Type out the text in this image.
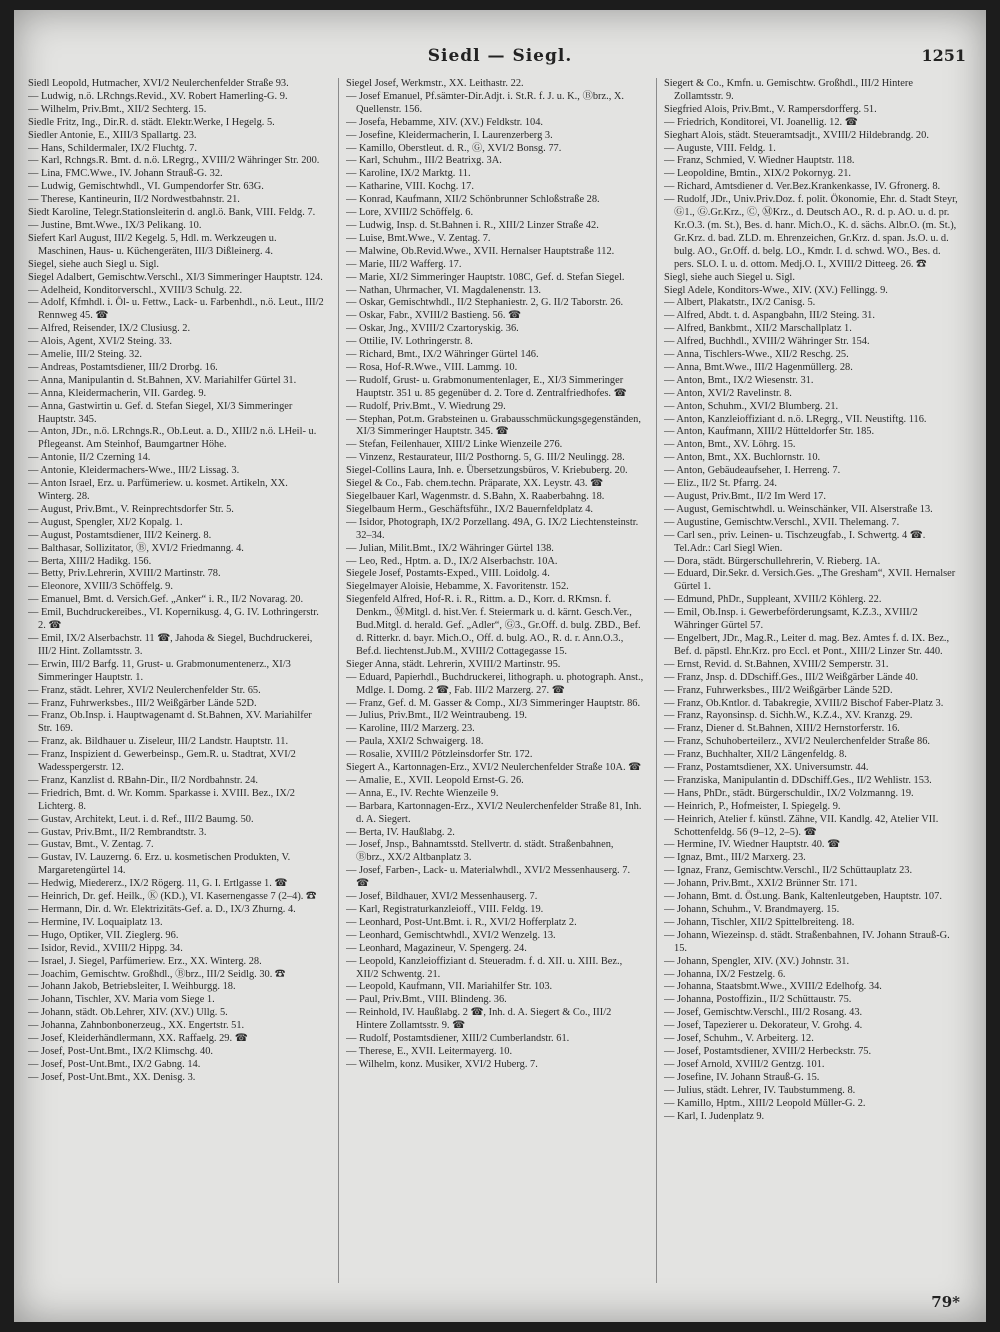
Siedl — Siegl.	1251

Siedl Leopold, Hutmacher, XVI/2 Neulerchenfelder Straße 93.

— Ludwig, n.ö. LRchngs.Revid., XV. Robert Hamerling-G. 9.

— Wilhelm, Priv.Bmt., XII/2 Sechterg. 15.

Siedle Fritz, Ing., Dir.R. d. städt. Elektr.Werke, I Hegelg. 5.

Siedler Antonie, E., XIII/3 Spallartg. 23.

— Hans, Schildermaler, IX/2 Fluchtg. 7.

— Karl, Rchngs.R. Bmt. d. n.ö. LRegrg., XVIII/2 Währinger Str. 200.

— Lina, FMC.Wwe., IV. Johann Strauß-G. 32.

— Ludwig, Gemischtwhdl., VI. Gumpendorfer Str. 63G.

— Therese, Kantineurin, II/2 Nordwestbahnstr. 21.

Siedt Karoline, Telegr.Stationsleiterin d. angl.ö. Bank, VIII. Feldg. 7.

— Justine, Bmt.Wwe., IX/3 Pelikang. 10.

Siefert Karl August, III/2 Kegelg. 5, Hdl. m. Werkzeugen u. Maschinen, Haus- u. Küchengeräten, III/3 Dißleinerg. 4.

Siegel, siehe auch Siegl u. Sigl.

Siegel Adalbert, Gemischtw.Verschl., XI/3 Simmeringer Hauptstr. 124.

— Adelheid, Konditorverschl., XVIII/3 Schulg. 22.

— Adolf, Kfmhdl. i. Öl- u. Fettw., Lack- u. Farbenhdl., n.ö. Leut., III/2 Rennweg 45. ☎

— Alfred, Reisender, IX/2 Clusiusg. 2.

— Alois, Agent, XVI/2 Steing. 33.

— Amelie, III/2 Steing. 32.

— Andreas, Postamtsdiener, III/2 Drorbg. 16.

— Anna, Manipulantin d. St.Bahnen, XV. Mariahilfer Gürtel 31.

— Anna, Kleidermacherin, VII. Gardeg. 9.

— Anna, Gastwirtin u. Gef. d. Stefan Siegel, XI/3 Simmeringer Hauptstr. 345.

— Anton, JDr., n.ö. LRchngs.R., Ob.Leut. a. D., XIII/2 n.ö. LHeil- u. Pflegeanst. Am Steinhof, Baumgartner Höhe.

— Antonie, II/2 Czerning 14.

— Antonie, Kleidermachers-Wwe., III/2 Lissag. 3.

— Anton Israel, Erz. u. Parfümeriew. u. kosmet. Artikeln, XX. Winterg. 28.

— August, Priv.Bmt., V. Reinprechtsdorfer Str. 5.

— August, Spengler, XI/2 Kopalg. 1.

— August, Postamtsdiener, III/2 Keinerg. 8.

— Balthasar, Sollizitator, Ⓑ, XVI/2 Friedmanng. 4.

— Berta, XIII/2 Hadikg. 156.

— Betty, Priv.Lehrerin, XVIII/2 Martinstr. 78.

— Eleonore, XVIII/3 Schöffelg. 9.

— Emanuel, Bmt. d. Versich.Gef. „Anker“ i. R., II/2 Novarag. 20.

— Emil, Buchdruckereibes., VI. Kopernikusg. 4, G. IV. Lothringerstr. 2. ☎

— Emil, IX/2 Alserbachstr. 11 ☎, Jahoda & Siegel, Buchdruckerei, III/2 Hint. Zollamtsstr. 3.

— Erwin, III/2 Barfg. 11, Grust- u. Grabmonumentenerz., XI/3 Simmeringer Hauptstr. 1.

— Franz, städt. Lehrer, XVI/2 Neulerchenfelder Str. 65.

— Franz, Fuhrwerksbes., III/2 Weißgärber Lände 52D.

— Franz, Ob.Insp. i. Hauptwagenamt d. St.Bahnen, XV. Mariahilfer Str. 169.

— Franz, ak. Bildhauer u. Ziseleur, III/2 Landstr. Hauptstr. 11.

— Franz, Inspizient d. Gewerbeinsp., Gem.R. u. Stadtrat, XVI/2 Wadesspergerstr. 12.

— Franz, Kanzlist d. RBahn-Dir., II/2 Nordbahnstr. 24.

— Friedrich, Bmt. d. Wr. Komm. Sparkasse i. XVIII. Bez., IX/2 Lichterg. 8.

— Gustav, Architekt, Leut. i. d. Ref., III/2 Baumg. 50.

— Gustav, Priv.Bmt., II/2 Rembrandtstr. 3.

— Gustav, Bmt., V. Zentag. 7.

— Gustav, IV. Lauzerng. 6. Erz. u. kosmetischen Produkten, V. Margaretengürtel 14.

— Hedwig, Miedererz., IX/2 Rögerg. 11, G. I. Ertlgasse 1. ☎

— Heinrich, Dr. gef. Heilk., Ⓚ (KD.), VI. Kasernengasse 7 (2–4). ☎

— Hermann, Dir. d. Wr. Elektrizitäts-Gef. a. D., IX/3 Zhurng. 4.

— Hermine, IV. Loquaiplatz 13.

— Hugo, Optiker, VII. Zieglerg. 96.

— Isidor, Revid., XVIII/2 Hippg. 34.

— Israel, J. Siegel, Parfümeriew. Erz., XX. Winterg. 28.

— Joachim, Gemischtw. Großhdl., Ⓑbrz., III/2 Seidlg. 30. ☎

— Johann Jakob, Betriebsleiter, I. Weihburgg. 18.

— Johann, Tischler, XV. Maria vom Siege 1.

— Johann, städt. Ob.Lehrer, XIV. (XV.) Ullg. 5.

— Johanna, Zahnbonbonerzeug., XX. Engertstr. 51.

— Josef, Kleiderhändlermann, XX. Raffaelg. 29. ☎

— Josef, Post-Unt.Bmt., IX/2 Klimschg. 40.

— Josef, Post-Unt.Bmt., IX/2 Gabng. 14.

— Josef, Post-Unt.Bmt., XX. Denisg. 3.

Siegel Josef, Werkmstr., XX. Leithastr. 22.

— Josef Emanuel, Pf.sämter-Dir.Adjt. i. St.R. f. J. u. K., Ⓑbrz., X. Quellenstr. 156.

— Josefa, Hebamme, XIV. (XV.) Feldkstr. 104.

— Josefine, Kleidermacherin, I. Laurenzerberg 3.

— Kamillo, Oberstleut. d. R., Ⓖ, XVI/2 Bonsg. 77.

— Karl, Schuhm., III/2 Beatrixg. 3A.

— Karoline, IX/2 Marktg. 11.

— Katharine, VIII. Kochg. 17.

— Konrad, Kaufmann, XII/2 Schönbrunner Schloßstraße 28.

— Lore, XVIII/2 Schöffelg. 6.

— Ludwig, Insp. d. St.Bahnen i. R., XIII/2 Linzer Straße 42.

— Luise, Bmt.Wwe., V. Zentag. 7.

— Malwine, Ob.Revid.Wwe., XVII. Hernalser Hauptstraße 112.

— Marie, III/2 Wafferg. 17.

— Marie, XI/2 Simmeringer Hauptstr. 108C, Gef. d. Stefan Siegel.

— Nathan, Uhrmacher, VI. Magdalenenstr. 13.

— Oskar, Gemischtwhdl., II/2 Stephaniestr. 2, G. II/2 Taborstr. 26.

— Oskar, Fabr., XVIII/2 Bastieng. 56. ☎

— Oskar, Jng., XVIII/2 Czartoryskig. 36.

— Ottilie, IV. Lothringerstr. 8.

— Richard, Bmt., IX/2 Währinger Gürtel 146.

— Rosa, Hof-R.Wwe., VIII. Lammg. 10.

— Rudolf, Grust- u. Grabmonumentenlager, E., XI/3 Simmeringer Hauptstr. 351 u. 85 gegenüber d. 2. Tore d. Zentralfriedhofes. ☎

— Rudolf, Priv.Bmt., V. Wiedrung 29.

— Stephan, Pot.m. Grabsteinen u. Grabausschmückungsgegenständen, XI/3 Simmeringer Hauptstr. 345. ☎

— Stefan, Feilenhauer, XIII/2 Linke Wienzeile 276.

— Vinzenz, Restaurateur, III/2 Posthorng. 5, G. III/2 Neulingg. 28.

Siegel-Collins Laura, Inh. e. Übersetzungsbüros, V. Kriebuberg. 20.

Siegel & Co., Fab. chem.techn. Präparate, XX. Leystr. 43. ☎

Siegelbauer Karl, Wagenmstr. d. S.Bahn, X. Raaberbahng. 18.

Siegelbaum Herm., Geschäftsführ., IX/2 Bauernfeldplatz 4.

— Isidor, Photograph, IX/2 Porzellang. 49A, G. IX/2 Liechtensteinstr. 32–34.

— Julian, Milit.Bmt., IX/2 Währinger Gürtel 138.

— Leo, Red., Hptm. a. D., IX/2 Alserbachstr. 10A.

Siegele Josef, Postamts-Exped., VIII. Loidolg. 4.

Siegelmayer Aloisie, Hebamme, X. Favoritenstr. 152.

Siegenfeld Alfred, Hof-R. i. R., Rittm. a. D., Korr. d. RKmsn. f. Denkm., ⓂMitgl. d. hist.Ver. f. Steiermark u. d. kärnt. Gesch.Ver., Bud.Mitgl. d. herald. Gef. „Adler“, Ⓖ3., Gr.Off. d. bulg. ZBD., Bef. d. Ritterkr. d. bayr. Mich.O., Off. d. bulg. AO., R. d. r. Ann.O.3., Bef.d. liechtenst.Jub.M., XVIII/2 Cottagegasse 15.

Sieger Anna, städt. Lehrerin, XVIII/2 Martinstr. 95.

— Eduard, Papierhdl., Buchdruckerei, lithograph. u. photograph. Anst., Mdlge. I. Domg. 2 ☎, Fab. III/2 Marzerg. 27. ☎

— Franz, Gef. d. M. Gasser & Comp., XI/3 Simmeringer Hauptstr. 86.

— Julius, Priv.Bmt., II/2 Weintraubeng. 19.

— Karoline, III/2 Marzerg. 23.

— Paula, XXI/2 Schwaigerg. 18.

— Rosalie, XVIII/2 Pötzleinsdorfer Str. 172.

Siegert A., Kartonnagen-Erz., XVI/2 Neulerchenfelder Straße 10A. ☎

— Amalie, E., XVII. Leopold Ernst-G. 26.

— Anna, E., IV. Rechte Wienzeile 9.

— Barbara, Kartonnagen-Erz., XVI/2 Neulerchenfelder Straße 81, Inh. d. A. Siegert.

— Berta, IV. Haußlabg. 2.

— Josef, Jnsp., Bahnamtsstd. Stellvertr. d. städt. Straßenbahnen, Ⓑbrz., XX/2 Altbanplatz 3.

— Josef, Farben-, Lack- u. Materialwhdl., XVI/2 Messenhauserg. 7. ☎

— Josef, Bildhauer, XVI/2 Messenhauserg. 7.

— Karl, Registraturkanzleioff., VIII. Feldg. 19.

— Leonhard, Post-Unt.Bmt. i. R., XVI/2 Hofferplatz 2.

— Leonhard, Gemischtwhdl., XVI/2 Wenzelg. 13.

— Leonhard, Magazineur, V. Spengerg. 24.

— Leopold, Kanzleioffiziant d. Steueradm. f. d. XII. u. XIII. Bez., XII/2 Schwentg. 21.

— Leopold, Kaufmann, VII. Mariahilfer Str. 103.

— Paul, Priv.Bmt., VIII. Blindeng. 36.

— Reinhold, IV. Haußlabg. 2 ☎, Inh. d. A. Siegert & Co., III/2 Hintere Zollamtsstr. 9. ☎

— Rudolf, Postamtsdiener, XIII/2 Cumberlandstr. 61.

— Therese, E., XVII. Leitermayerg. 10.

— Wilhelm, konz. Musiker, XVI/2 Huberg. 7.

Siegert & Co., Kmfn. u. Gemischtw. Großhdl., III/2 Hintere Zollamtsstr. 9.

Siegfried Alois, Priv.Bmt., V. Rampersdorfferg. 51.

— Friedrich, Konditorei, VI. Joanellig. 12. ☎

Sieghart Alois, städt. Steueramtsadjt., XVIII/2 Hildebrandg. 20.

— Auguste, VIII. Feldg. 1.

— Franz, Schmied, V. Wiedner Hauptstr. 118.

— Leopoldine, Bmtin., XIX/2 Pokornyg. 21.

— Richard, Amtsdiener d. Ver.Bez.Krankenkasse, IV. Gfronerg. 8.

— Rudolf, JDr., Univ.Priv.Doz. f. polit. Ökonomie, Ehr. d. Stadt Steyr, Ⓖ1., Ⓖ.Gr.Krz., Ⓒ, ⓂKrz., d. Deutsch AO., R. d. p. AO. u. d. pr. Kr.O.3. (m. St.), Bes. d. hanr. Mich.O., K. d. sächs. Albr.O. (m. St.), Gr.Krz. d. bad. ZLD. m. Ehrenzeichen, Gr.Krz. d. span. Js.O. u. d. bulg. AO., Gr.Off. d. belg. LO., Kmdr. I. d. schwd. WO., Bes. d. pers. SLO. I. u. d. ottom. Medj.O. I., XVIII/2 Ditteeg. 26. ☎

Siegl, siehe auch Siegel u. Sigl.

Siegl Adele, Konditors-Wwe., XIV. (XV.) Fellingg. 9.

— Albert, Plakatstr., IX/2 Canisg. 5.

— Alfred, Abdt. t. d. Aspangbahn, III/2 Steing. 31.

— Alfred, Bankbmt., XII/2 Marschallplatz 1.

— Alfred, Buchhdl., XVIII/2 Währinger Str. 154.

— Anna, Tischlers-Wwe., XII/2 Reschg. 25.

— Anna, Bmt.Wwe., III/2 Hagenmüllerg. 28.

— Anton, Bmt., IX/2 Wiesenstr. 31.

— Anton, XVI/2 Ravelinstr. 8.

— Anton, Schuhm., XVI/2 Blumberg. 21.

— Anton, Kanzleioffiziant d. n.ö. LRegrg., VII. Neustiftg. 116.

— Anton, Kaufmann, XIII/2 Hütteldorfer Str. 185.

— Anton, Bmt., XV. Löhrg. 15.

— Anton, Bmt., XX. Buchlornstr. 10.

— Anton, Gebäudeaufseher, I. Herreng. 7.

— Eliz., II/2 St. Pfarrg. 24.

— August, Priv.Bmt., II/2 Im Werd 17.

— August, Gemischtwhdl. u. Weinschänker, VII. Alserstraße 13.

— Augustine, Gemischtw.Verschl., XVII. Thelemang. 7.

— Carl sen., priv. Leinen- u. Tischzeugfab., I. Schwertg. 4 ☎. Tel.Adr.: Carl Siegl Wien.

— Dora, städt. Bürgerschullehrerin, V. Rieberg. 1A.

— Eduard, Dir.Sekr. d. Versich.Ges. „The Gresham“, XVII. Hernalser Gürtel 1.

— Edmund, PhDr., Suppleant, XVIII/2 Köhlerg. 22.

— Emil, Ob.Insp. i. Gewerbeförderungsamt, K.Z.3., XVIII/2 Währinger Gürtel 57.

— Engelbert, JDr., Mag.R., Leiter d. mag. Bez. Amtes f. d. IX. Bez., Bef. d. päpstl. Ehr.Krz. pro Eccl. et Pont., XIII/2 Linzer Str. 440.

— Ernst, Revid. d. St.Bahnen, XVIII/2 Semperstr. 31.

— Franz, Jnsp. d. DDschiff.Ges., III/2 Weißgärber Lände 40.

— Franz, Fuhrwerksbes., III/2 Weißgärber Lände 52D.

— Franz, Ob.Kntlor. d. Tabakregie, XVIII/2 Bischof Faber-Platz 3.

— Franz, Rayonsinsp. d. Sichh.W., K.Z.4., XV. Kranzg. 29.

— Franz, Diener d. St.Bahnen, XIII/2 Hernstorferstr. 16.

— Franz, Schuhoberteilerz., XVI/2 Neulerchenfelder Straße 86.

— Franz, Buchhalter, XII/2 Längenfeldg. 8.

— Franz, Postamtsdiener, XX. Universumstr. 44.

— Franziska, Manipulantin d. DDschiff.Ges., II/2 Wehlistr. 153.

— Hans, PhDr., städt. Bürgerschuldir., IX/2 Volzmanng. 19.

— Heinrich, P., Hofmeister, I. Spiegelg. 9.

— Heinrich, Atelier f. künstl. Zähne, VII. Kandlg. 42, Atelier VII. Schottenfeldg. 56 (9–12, 2–5). ☎

— Hermine, IV. Wiedner Hauptstr. 40. ☎

— Ignaz, Bmt., III/2 Marxerg. 23.

— Ignaz, Franz, Gemischtw.Verschl., II/2 Schüttauplatz 23.

— Johann, Priv.Bmt., XXI/2 Brünner Str. 171.

— Johann, Bmt. d. Öst.ung. Bank, Kaltenleutgeben, Hauptstr. 107.

— Johann, Schuhm., V. Brandmayerg. 15.

— Johann, Tischler, XII/2 Spittelbreiteng. 18.

— Johann, Wiezeinsp. d. städt. Straßenbahnen, IV. Johann Strauß-G. 15.

— Johann, Spengler, XIV. (XV.) Johnstr. 31.

— Johanna, IX/2 Festzelg. 6.

— Johanna, Staatsbmt.Wwe., XVIII/2 Edelhofg. 34.

— Johanna, Postoffizin., II/2 Schüttaustr. 75.

— Josef, Gemischtw.Verschl., III/2 Rosang. 43.

— Josef, Tapezierer u. Dekorateur, V. Grohg. 4.

— Josef, Schuhm., V. Arbeiterg. 12.

— Josef, Postamtsdiener, XVIII/2 Herbeckstr. 75.

— Josef Arnold, XVIII/2 Gentzg. 101.

— Josefine, IV. Johann Strauß-G. 15.

— Julius, städt. Lehrer, IV. Taubstummeng. 8.

— Kamillo, Hptm., XIII/2 Leopold Müller-G. 2.

— Karl, I. Judenplatz 9.

79*
